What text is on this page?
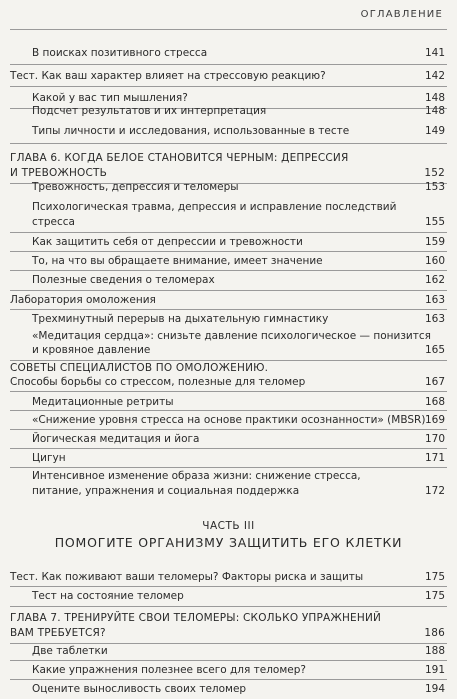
ОГЛАВЛЕНИЕ
В поисках позитивного стресса	141
Тест. Как ваш характер влияет на стрессовую реакцию?	142
Какой у вас тип мышления?	148
Подсчет результатов и их интерпретация	148
Типы личности и исследования, использованные в тесте	149
ГЛАВА 6. КОГДА БЕЛОЕ СТАНОВИТСЯ ЧЕРНЫМ: ДЕПРЕССИЯ
И ТРЕВОЖНОСТЬ	152
Тревожность, депрессия и теломеры	153
Психологическая травма, депрессия и исправление последствий
стресса	155
Как защитить себя от депрессии и тревожности	159
То, на что вы обращаете внимание, имеет значение	160
Полезные сведения о теломерах	162
Лаборатория омоложения	163
Трехминутный перерыв на дыхательную гимнастику	163
«Медитация сердца»: снизьте давление психологическое — понизится
и кровяное давление	165
СОВЕТЫ СПЕЦИАЛИСТОВ ПО ОМОЛОЖЕНИЮ.
Способы борьбы со стрессом, полезные для теломер	167
Медитационные ретриты	168
«Снижение уровня стресса на основе практики осознанности» (MBSR) 169
Йогическая медитация и йога	170
Цигун	171
Интенсивное изменение образа жизни: снижение стресса,
питание, упражнения и социальная поддержка	172
ЧАСТЬ III
ПОМОГИТЕ ОРГАНИЗМУ ЗАЩИТИТЬ ЕГО КЛЕТКИ
Тест. Как поживают ваши теломеры? Факторы риска и защиты	175
Тест на состояние теломер	175
ГЛАВА 7. ТРЕНИРУЙТЕ СВОИ ТЕЛОМЕРЫ: СКОЛЬКО УПРАЖНЕНИЙ
ВАМ ТРЕБУЕТСЯ?	186
Две таблетки	188
Какие упражнения полезнее всего для теломер?	191
Оцените выносливость своих теломер	194
